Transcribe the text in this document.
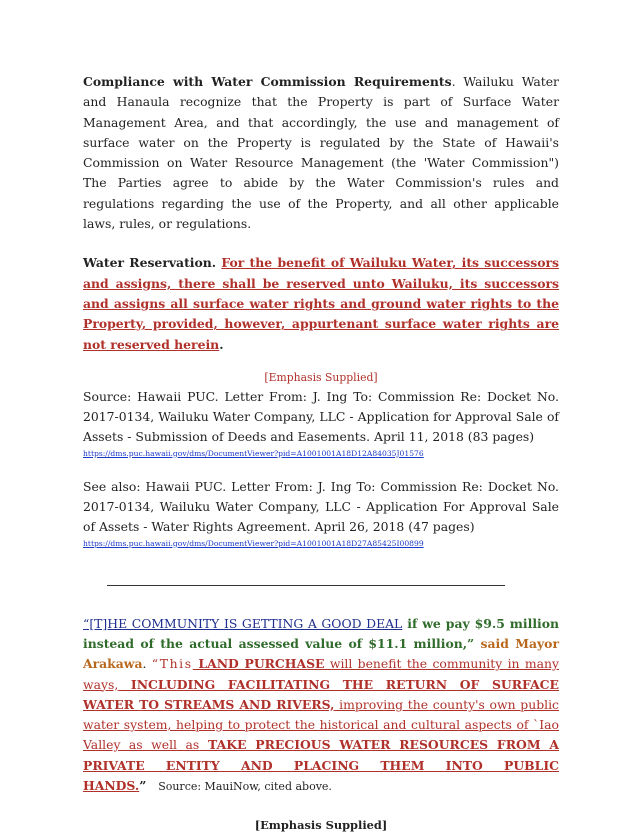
Compliance with Water Commission Requirements. Wailuku Water and Hanaula recognize that the Property is part of Surface Water Management Area, and that accordingly, the use and management of surface water on the Property is regulated by the State of Hawaii's Commission on Water Resource Management (the 'Water Commission") The Parties agree to abide by the Water Commission's rules and regulations regarding the use of the Property, and all other applicable laws, rules, or regulations.

Water Reservation. For the benefit of Wailuku Water, its successors and assigns, there shall be reserved unto Wailuku, its successors and assigns all surface water rights and ground water rights to the Property, provided, however, appurtenant surface water rights are not reserved herein.

[Emphasis Supplied]

Source: Hawaii PUC. Letter From: J. Ing To: Commission Re: Docket No. 2017-0134, Wailuku Water Company, LLC - Application for Approval Sale of Assets - Submission of Deeds and Easements. April 11, 2018 (83 pages)

https://dms.puc.hawaii.gov/dms/DocumentViewer?pid=A1001001A18D12A84035J01576

See also: Hawaii PUC. Letter From: J. Ing To: Commission Re: Docket No. 2017-0134, Wailuku Water Company, LLC - Application For Approval Sale of Assets - Water Rights Agreement. April 26, 2018 (47 pages)

https://dms.puc.hawaii.gov/dms/DocumentViewer?pid=A1001001A18D27A85425I00899

“[T]HE COMMUNITY IS GETTING A GOOD DEAL if we pay $9.5 million instead of the actual assessed value of $11.1 million,” said Mayor Arakawa. “This LAND PURCHASE will benefit the community in many ways, INCLUDING FACILITATING THE RETURN OF SURFACE WATER TO STREAMS AND RIVERS, improving the county's own public water system, helping to protect the historical and cultural aspects of `Iao Valley as well as TAKE PRECIOUS WATER RESOURCES FROM A PRIVATE ENTITY AND PLACING THEM INTO PUBLIC HANDS.” Source: MauiNow, cited above.

[Emphasis Supplied]
